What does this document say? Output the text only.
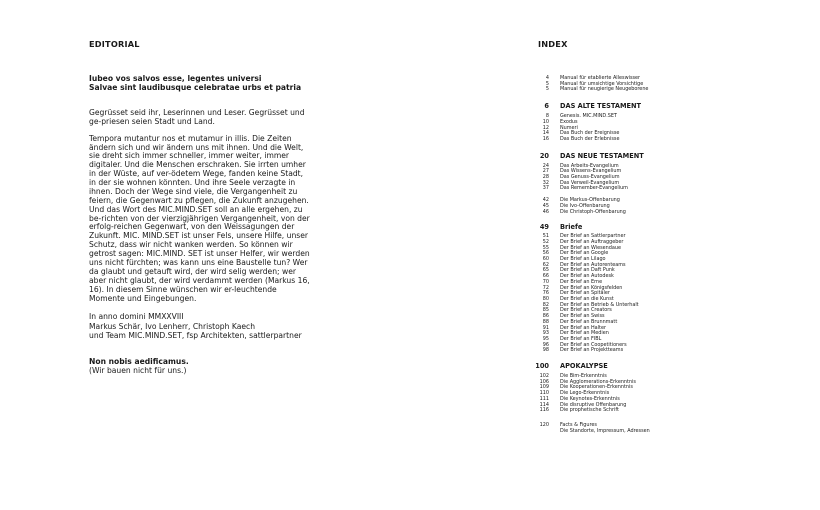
EDITORIAL	INDEX

Iubeo vos salvos esse, legentes universi

Salvae sint laudibusque celebratae urbs et patria

Gegrüsset seid ihr, Leserinnen und Leser. Gegrüsset und ge-priesen seien Stadt und Land.

Tempora mutantur nos et mutamur in illis. Die Zeiten ändern sich und wir ändern uns mit ihnen. Und die Welt, sie dreht sich immer schneller, immer weiter, immer digitaler. Und die Menschen erschraken. Sie irrten umher in der Wüste, auf ver-ödetem Wege, fanden keine Stadt, in der sie wohnen könnten. Und ihre Seele verzagte in ihnen. Doch der Wege sind viele, die Vergangenheit zu feiern, die Gegenwart zu pflegen, die Zukunft anzugehen.

Und das Wort des MIC.MIND.SET soll an alle ergehen, zu be-richten von der vierzigjährigen Vergangenheit, von der erfolg-reichen Gegenwart, von den Weissagungen der Zukunft. MIC. MIND.SET ist unser Fels, unsere Hilfe, unser Schutz, dass wir nicht wanken werden. So können wir getrost sagen: MIC.MIND. SET ist unser Helfer, wir werden uns nicht fürchten; was kann uns eine Baustelle tun? Wer da glaubt und getauft wird, der wird selig werden; wer aber nicht glaubt, der wird verdammt werden (Markus 16, 16). In diesem Sinne wünschen wir er-leuchtende Momente und Eingebungen.

In anno domini MMXXVIII

Markus Schär, Ivo Lenherr, Christoph Kaech

und Team MIC.MIND.SET, fsp Architekten, sattlerpartner

Non nobis aedificamus.

(Wir bauen nicht für uns.)

4	Manual für etablierte Alleswisser
5	Manual für umsichtige Vorsichtige
5	Manual für neugierige Neugeborene
6	DAS ALTE TESTAMENT
8	Genesis. MIC.MIND.SET
10	Exodus
12	Numeri
14	Das Buch der Ereignisse
16	Das Buch der Erlebnisse
20	DAS NEUE TESTAMENT
24	Das Arbeits-Evangelium
27	Das Wissens-Evangelium
28	Das Genuss-Evangelium
32	Das Verweil-Evangelium
37	Das Remember-Evangelium
42	Die Markus-Offenbarung
45	Die Ivo-Offenbarung
46	Die Christoph-Offenbarung
49	Briefe
51	Der Brief an Sattlerpartner
52	Der Brief an Auftraggeber
55	Der Brief an Wiesendaue
56	Der Brief an Google
60	Der Brief an Lilago
62	Der Brief an Autorenteams
65	Der Brief an Daft Punk
66	Der Brief an Autodesk
70	Der Brief an Erne
72	Der Brief an Königsfelden
76	Der Brief an Spitäler
80	Der Brief an die Kunst
82	Der Brief an Betrieb & Unterhalt
85	Der Brief an Creators
86	Der Brief an Swiss
88	Der Brief an Brunnmatt
91	Der Brief an Halter
93	Der Brief an Medien
95	Der Brief an FIBL
96	Der Brief an Coopetitioners
98	Der Brief an Projektteams
100	APOKALYPSE
102	Die Bim-Erkenntnis
106	Die Agglomerations-Erkenntnis
109	Die Kooperationen-Erkenntnis
110	Die Lego-Erkenntnis
111	Die Keynotes-Erkenntnis
114	Die disruptive Offenbarung
116	Die prophetische Schrift
120	Facts & Figures
Die Standorte, Impressum, Adressen
